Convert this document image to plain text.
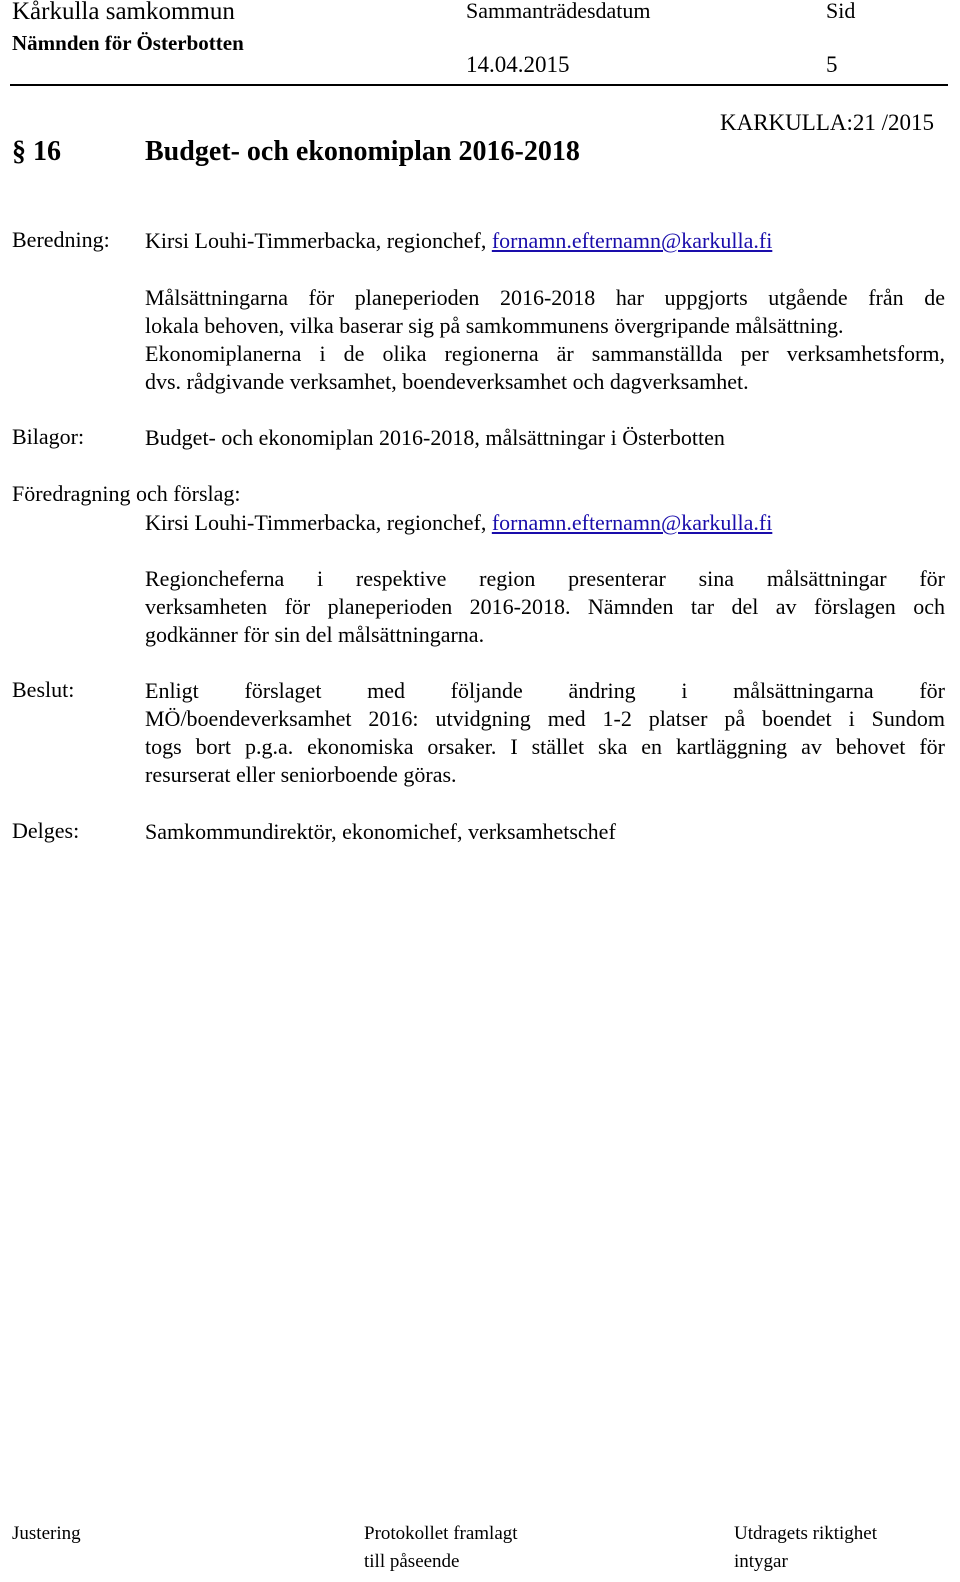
Kårkulla samkommun
Nämnden för Österbotten
Sammanträdesdatum	Sid
14.04.2015	5
KARKULLA:21 /2015
§ 16	Budget- och ekonomiplan 2016-2018
Beredning: Kirsi Louhi-Timmerbacka, regionchef, fornamn.efternamn@karkulla.fi
Målsättningarna för planeperioden 2016-2018 har uppgjorts utgående från de
lokala behoven, vilka baserar sig på samkommunens övergripande målsättning.
Ekonomiplanerna i de olika regionerna är sammanställda per verksamhetsform,
dvs. rådgivande verksamhet, boendeverksamhet och dagverksamhet.
Bilagor:	Budget- och ekonomiplan 2016-2018, målsättningar i Österbotten
Föredragning och förslag:
Kirsi Louhi-Timmerbacka, regionchef, fornamn.efternamn@karkulla.fi
Regioncheferna i respektive region presenterar sina målsättningar för
verksamheten för planeperioden 2016-2018. Nämnden tar del av förslagen och
godkänner för sin del målsättningarna.
Beslut:	Enligt förslaget med följande ändring i målsättningarna för
MÖ/boendeverksamhet 2016: utvidgning med 1-2 platser på boendet i Sundom
togs bort p.g.a. ekonomiska orsaker. I stället ska en kartläggning av behovet för
resurserat eller seniorboende göras.
Delges:	Samkommundirektör, ekonomichef, verksamhetschef
Justering	Protokollet framlagt
till påseende
Utdragets riktighet
intygar
